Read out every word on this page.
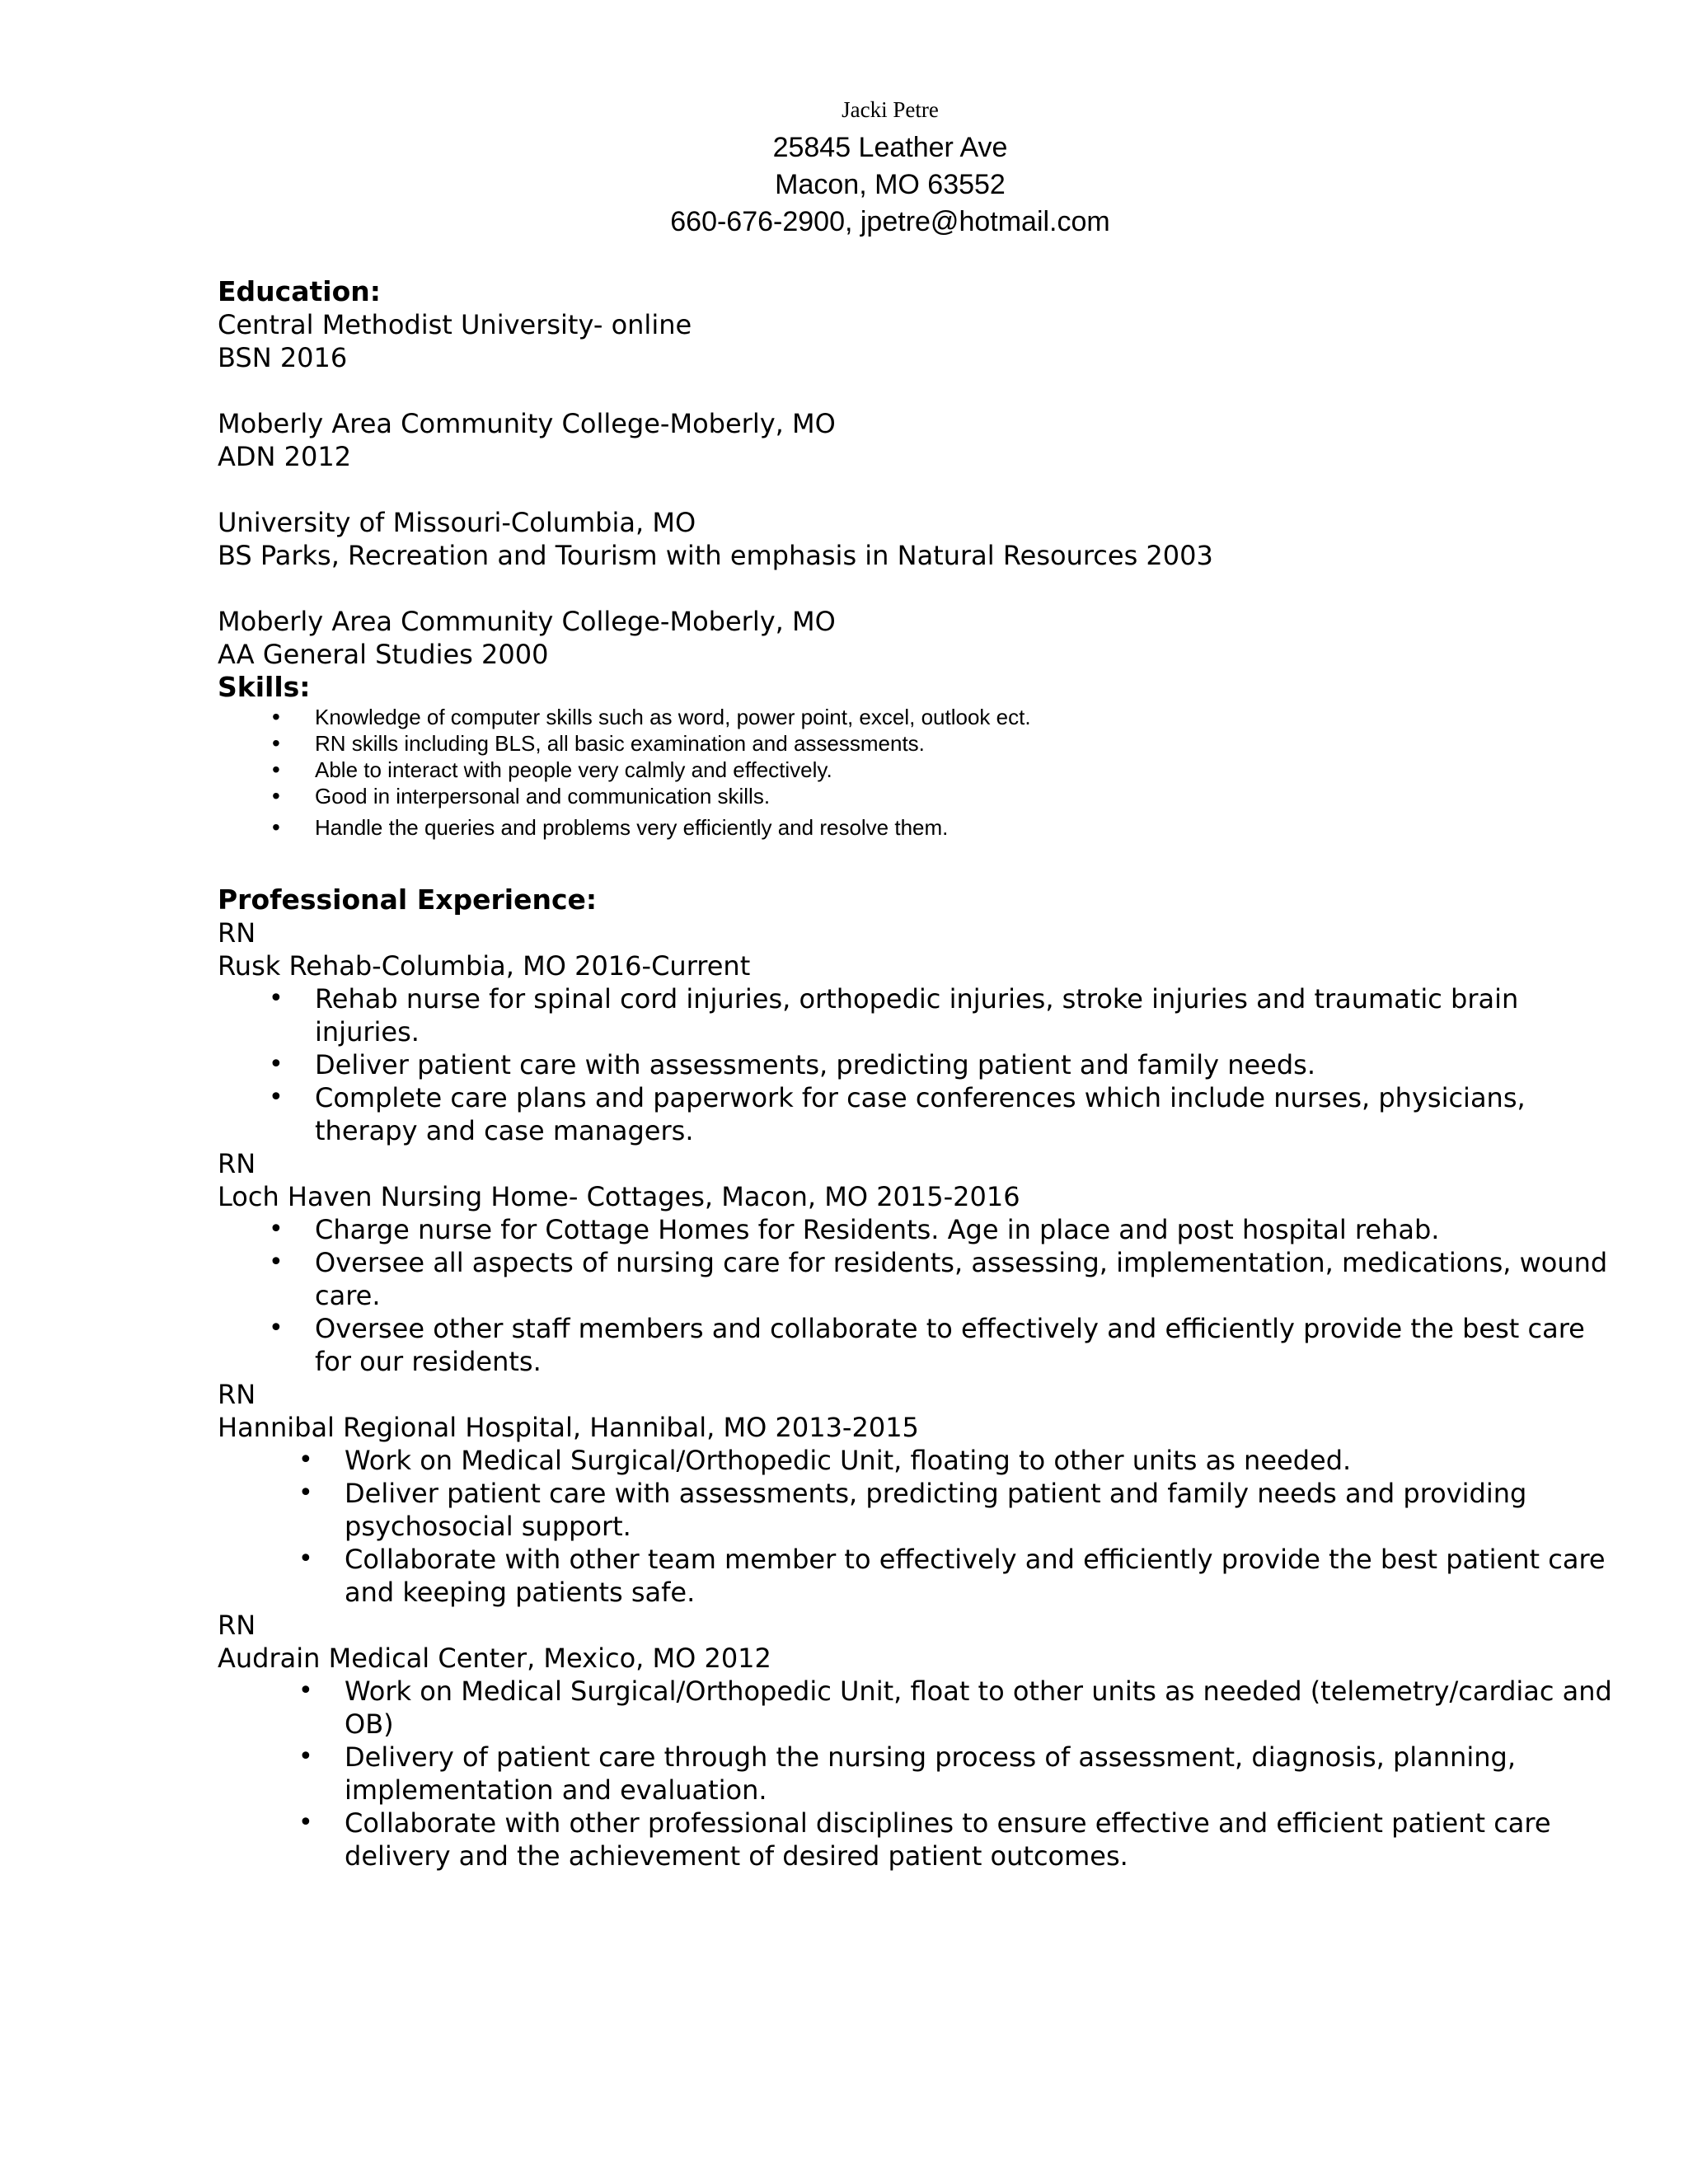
Jacki Petre
25845 Leather Ave
Macon, MO 63552
660-676-2900, jpetre@hotmail.com
Education:
Central Methodist University- online
BSN 2016
Moberly Area Community College-Moberly, MO
ADN 2012
University of Missouri-Columbia, MO
BS Parks, Recreation and Tourism with emphasis in Natural Resources 2003
Moberly Area Community College-Moberly, MO
AA General Studies 2000
Skills:
• Knowledge of computer skills such as word, power point, excel, outlook ect.
• RN skills including BLS, all basic examination and assessments.
• Able to interact with people very calmly and effectively.
• Good in interpersonal and communication skills.
• Handle the queries and problems very efficiently and resolve them.
Professional Experience:
RN
Rusk Rehab-Columbia, MO 2016-Current
• Rehab nurse for spinal cord injuries, orthopedic injuries, stroke injuries and traumatic brain injuries.
• Deliver patient care with assessments, predicting patient and family needs.
• Complete care plans and paperwork for case conferences which include nurses, physicians, therapy and case managers.
RN
Loch Haven Nursing Home- Cottages, Macon, MO 2015-2016
• Charge nurse for Cottage Homes for Residents. Age in place and post hospital rehab.
• Oversee all aspects of nursing care for residents, assessing, implementation, medications, wound care.
• Oversee other staff members and collaborate to effectively and efficiently provide the best care for our residents.
RN
Hannibal Regional Hospital, Hannibal, MO 2013-2015
• Work on Medical Surgical/Orthopedic Unit, floating to other units as needed.
• Deliver patient care with assessments, predicting patient and family needs and providing psychosocial support.
• Collaborate with other team member to effectively and efficiently provide the best patient care and keeping patients safe.
RN
Audrain Medical Center, Mexico, MO 2012
• Work on Medical Surgical/Orthopedic Unit, float to other units as needed (telemetry/cardiac and OB)
• Delivery of patient care through the nursing process of assessment, diagnosis, planning, implementation and evaluation.
• Collaborate with other professional disciplines to ensure effective and efficient patient care delivery and the achievement of desired patient outcomes.
